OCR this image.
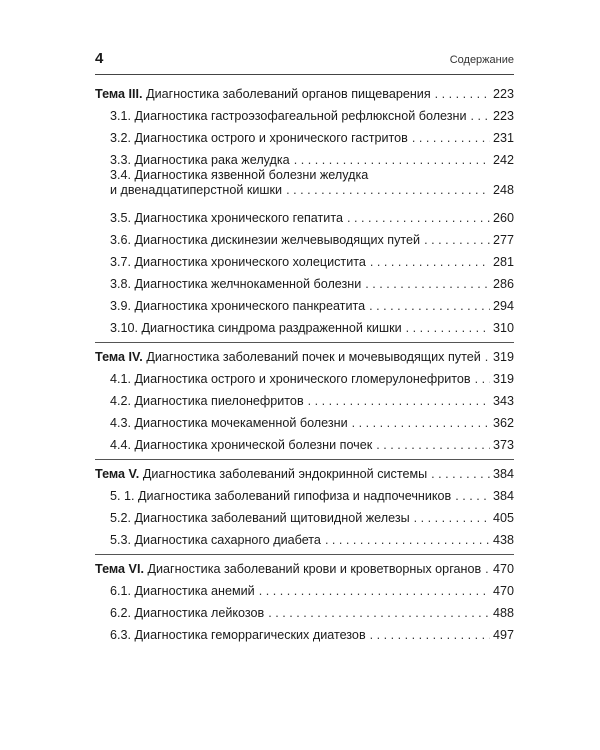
4	Содержание
Тема III. Диагностика заболеваний органов пищеварения . . .	223
3.1. Диагностика гастроэзофагеальной рефлюксной болезни . . . 223
3.2. Диагностика острого и хронического гастритов . . .	231
3.3. Диагностика рака желудка . . .	242
3.4. Диагностика язвенной болезни желудка
и двенадцатиперстной кишки . . .	248
3.5. Диагностика хронического гепатита . . .	260
3.6. Диагностика дискинезии желчевыводящих путей . . .	277
3.7. Диагностика хронического холецистита . . .	281
3.8. Диагностика желчнокаменной болезни . . .	286
3.9. Диагностика хронического панкреатита . . .	294
3.10. Диагностика синдрома раздраженной кишки . . .	310
Тема IV. Диагностика заболеваний почек и мочевыводящих путей . . . 319
4.1. Диагностика острого и хронического гломерулонефритов . . . 319
4.2. Диагностика пиелонефритов . . .	343
4.3. Диагностика мочекаменной болезни . . .	362
4.4. Диагностика хронической болезни почек . . .	373
Тема V. Диагностика заболеваний эндокринной системы . . .	384
5. 1. Диагностика заболеваний гипофиза и надпочечников . . .	384
5.2. Диагностика заболеваний щитовидной железы . . .	405
5.3. Диагностика сахарного диабета . . .	438
Тема VI. Диагностика заболеваний крови и кроветворных органов . . . 470
6.1. Диагностика анемий . . .	470
6.2. Диагностика лейкозов . . .	488
6.3. Диагностика геморрагических диатезов . . .	497
